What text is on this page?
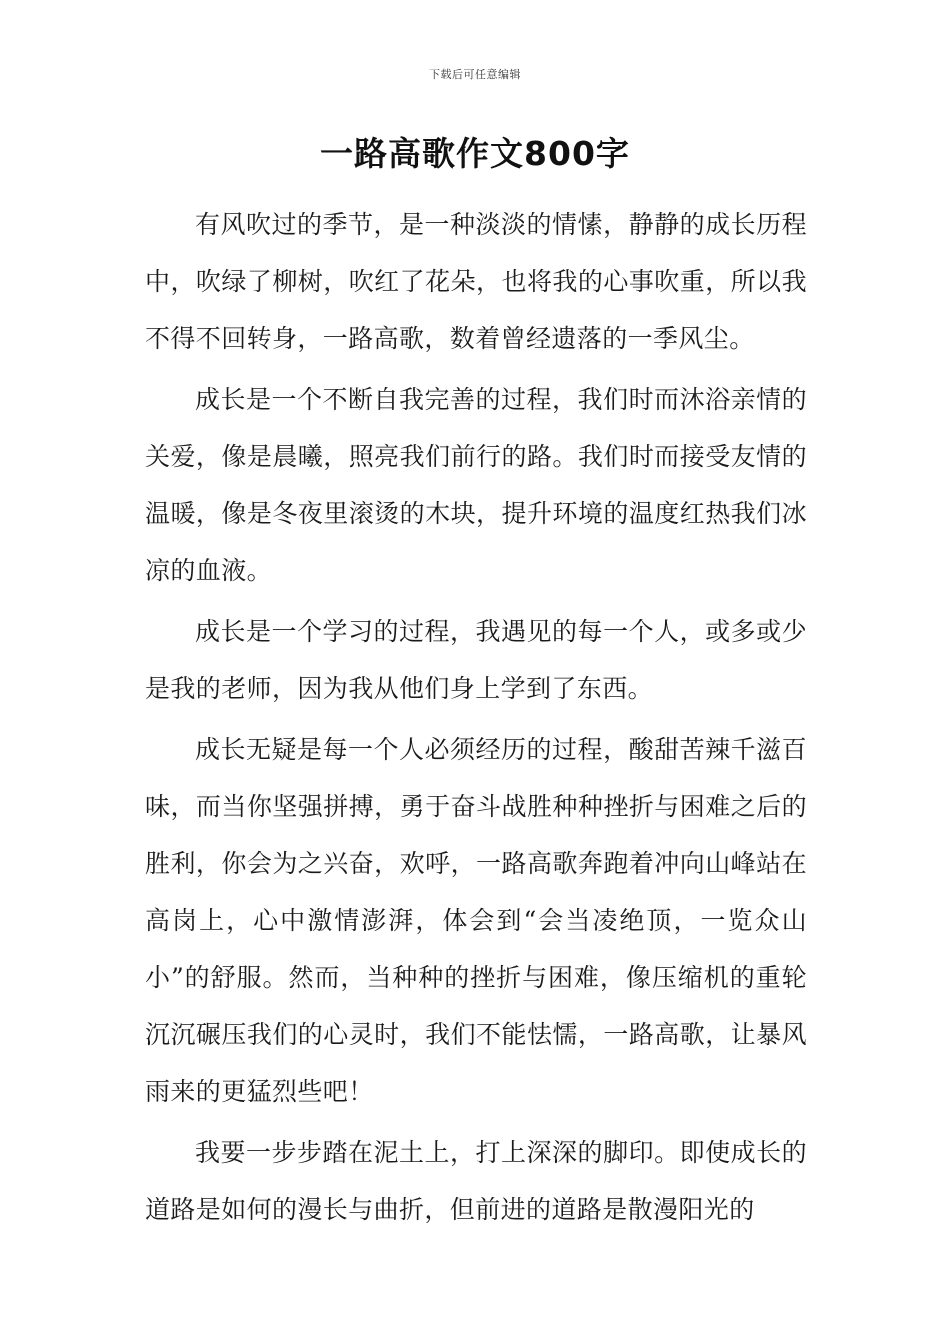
下载后可任意编辑
一路高歌作文800字

有风吹过的季节，是一种淡淡的情愫，静静的成长历程中，吹绿了柳树，吹红了花朵，也将我的心事吹重，所以我不得不回转身，一路高歌，数着曾经遗落的一季风尘。

成长是一个不断自我完善的过程，我们时而沐浴亲情的关爱，像是晨曦，照亮我们前行的路。我们时而接受友情的温暖，像是冬夜里滚烫的木块，提升环境的温度红热我们冰凉的血液。

成长是一个学习的过程，我遇见的每一个人，或多或少是我的老师，因为我从他们身上学到了东西。

成长无疑是每一个人必须经历的过程，酸甜苦辣千滋百味，而当你坚强拼搏，勇于奋斗战胜种种挫折与困难之后的胜利，你会为之兴奋，欢呼，一路高歌奔跑着冲向山峰站在高岗上，心中激情澎湃，体会到“会当凌绝顶，一览众山小”的舒服。然而，当种种的挫折与困难，像压缩机的重轮沉沉碾压我们的心灵时，我们不能怯懦，一路高歌，让暴风雨来的更猛烈些吧！

我要一步步踏在泥土上，打上深深的脚印。即使成长的道路是如何的漫长与曲折，但前进的道路是散漫阳光的
